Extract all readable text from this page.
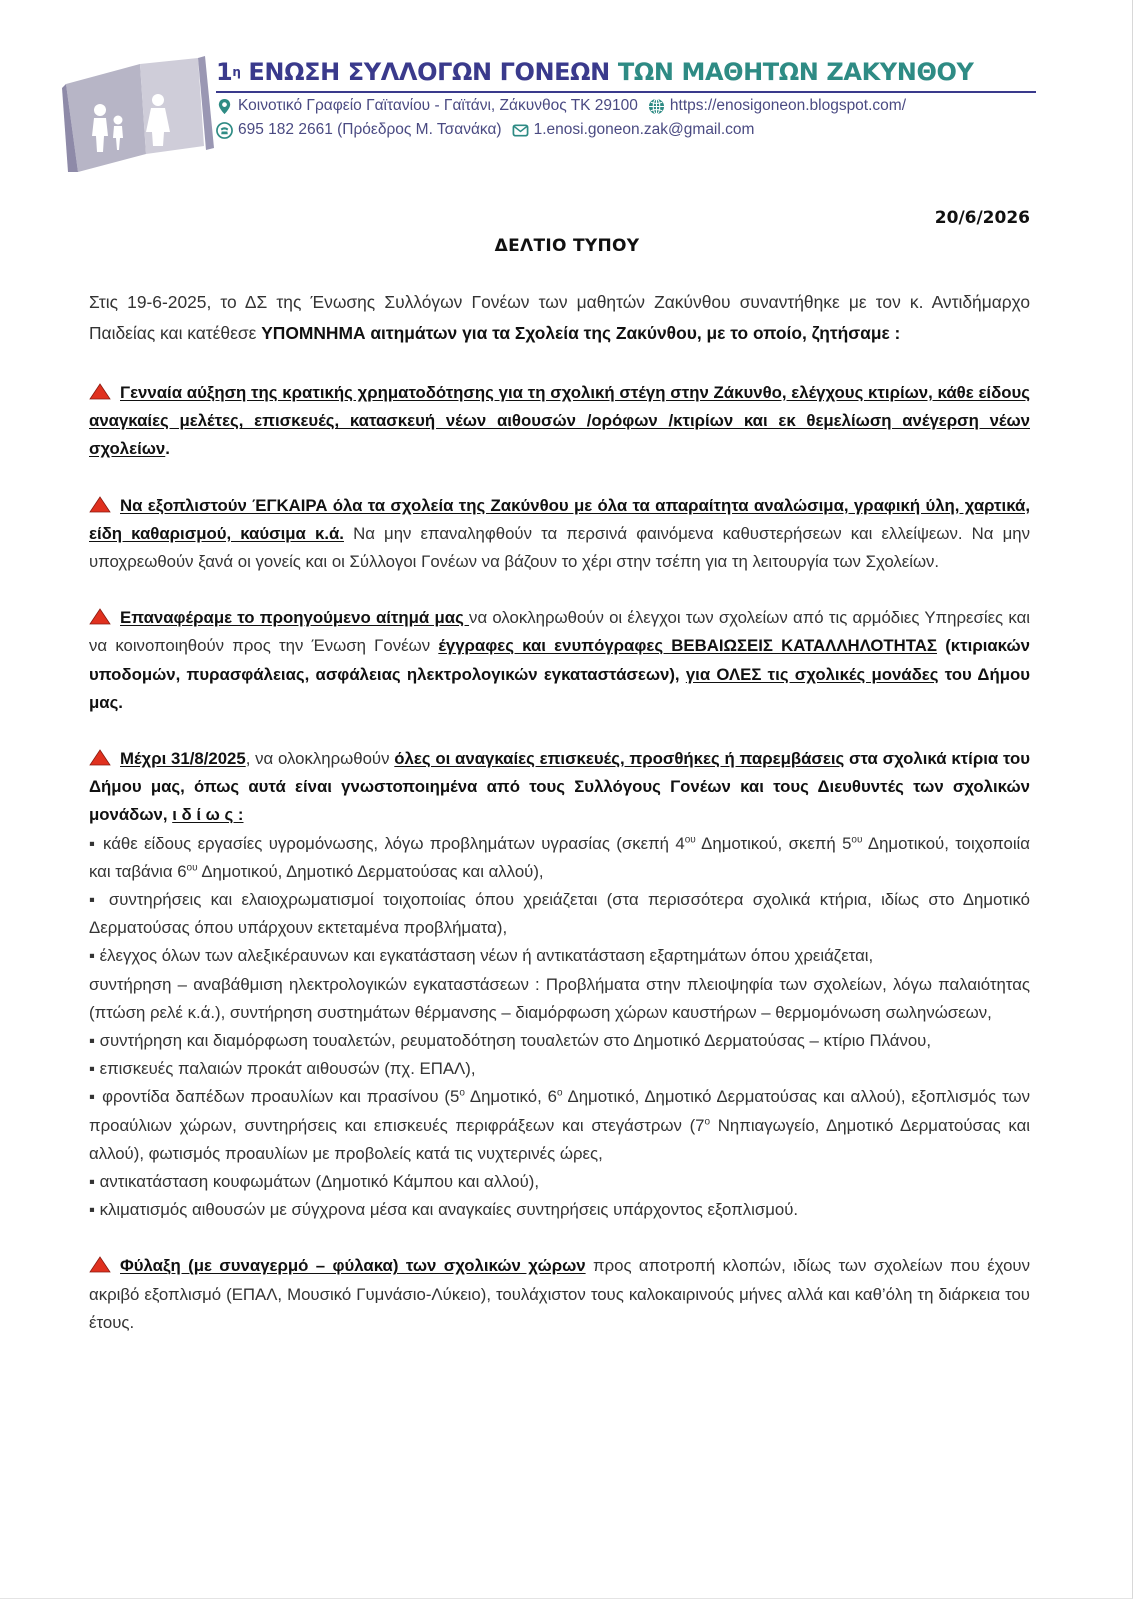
$1^\eta$ ΕΝΩΣΗ ΣΥΛΛΟΓΩΝ ΓΟΝΕΩΝ ΤΩΝ ΜΑΘΗΤΩΝ ΖΑΚΥΝΘΟΥ
Κοινοτικό Γραφείο Γαϊτανίου - Γαϊτάνι, Ζάκυνθος ΤΚ 29100 https://enosigoneon.blogspot.com/
695 182 2661 (Πρόεδρος Μ. Τσανάκα) 1.enosi.goneon.zak@gmail.com
20/6/2026
ΔΕΛΤΙΟ ΤΥΠΟΥ

Στις 19-6-2025, το ΔΣ της Ένωσης Συλλόγων Γονέων των μαθητών Ζακύνθου συναντήθηκε με τον κ. Αντιδήμαρχο Παιδείας και κατέθεσε ΥΠΟΜΝΗΜΑ αιτημάτων για τα Σχολεία της Ζακύνθου, με το οποίο, ζητήσαμε :

Γενναία αύξηση της κρατικής χρηματοδότησης για τη σχολική στέγη στην Ζάκυνθο, ελέγχους κτιρίων, κάθε είδους αναγκαίες μελέτες, επισκευές, κατασκευή νέων αιθουσών /ορόφων /κτιρίων και εκ θεμελίωση ανέγερση νέων σχολείων.

Να εξοπλιστούν ΈΓΚΑΙΡΑ όλα τα σχολεία της Ζακύνθου με όλα τα απαραίτητα αναλώσιμα, γραφική ύλη, χαρτικά, είδη καθαρισμού, καύσιμα κ.ά. Να μην επαναληφθούν τα περσινά φαινόμενα καθυστερήσεων και ελλείψεων. Να μην υποχρεωθούν ξανά οι γονείς και οι Σύλλογοι Γονέων να βάζουν το χέρι στην τσέπη για τη λειτουργία των Σχολείων.

Επαναφέραμε το προηγούμενο αίτημά μας να ολοκληρωθούν οι έλεγχοι των σχολείων από τις αρμόδιες Υπηρεσίες και να κοινοποιηθούν προς την Ένωση Γονέων έγγραφες και ενυπόγραφες ΒΕΒΑΙΩΣΕΙΣ ΚΑΤΑΛΛΗΛΟΤΗΤΑΣ (κτιριακών υποδομών, πυρασφάλειας, ασφάλειας ηλεκτρολογικών εγκαταστάσεων), για ΟΛΕΣ τις σχολικές μονάδες του Δήμου μας.

Μέχρι 31/8/2025, να ολοκληρωθούν όλες οι αναγκαίες επισκευές, προσθήκες ή παρεμβάσεις στα σχολικά κτίρια του Δήμου μας, όπως αυτά είναι γνωστοποιημένα από τους Συλλόγους Γονέων και τους Διευθυντές των σχολικών μονάδων, ι δ ί ω ς :

▪ κάθε είδους εργασίες υγρομόνωσης, λόγω προβλημάτων υγρασίας (σκεπή $4^{o\upsilon}$ Δημοτικού, σκεπή $5^{o\upsilon}$ Δημοτικού, τοιχοποιία και ταβάνια $6^{o\upsilon}$ Δημοτικού, Δημοτικό Δερματούσας και αλλού),

▪ συντηρήσεις και ελαιοχρωματισμοί τοιχοποιίας όπου χρειάζεται (στα περισσότερα σχολικά κτήρια, ιδίως στο Δημοτικό Δερματούσας όπου υπάρχουν εκτεταμένα προβλήματα),

▪ έλεγχος όλων των αλεξικέραυνων και εγκατάσταση νέων ή αντικατάσταση εξαρτημάτων όπου χρειάζεται,

συντήρηση – αναβάθμιση ηλεκτρολογικών εγκαταστάσεων : Προβλήματα στην πλειοψηφία των σχολείων, λόγω παλαιότητας (πτώση ρελέ κ.ά.), συντήρηση συστημάτων θέρμανσης – διαμόρφωση χώρων καυστήρων – θερμομόνωση σωληνώσεων,

▪ συντήρηση και διαμόρφωση τουαλετών, ρευματοδότηση τουαλετών στο Δημοτικό Δερματούσας – κτίριο Πλάνου,

▪ επισκευές παλαιών προκάτ αιθουσών (πχ. ΕΠΑΛ),

▪ φροντίδα δαπέδων προαυλίων και πρασίνου ($5^o$ Δημοτικό, $6^o$ Δημοτικό, Δημοτικό Δερματούσας και αλλού), εξοπλισμός των προαύλιων χώρων, συντηρήσεις και επισκευές περιφράξεων και στεγάστρων ($7^o$ Νηπιαγωγείο, Δημοτικό Δερματούσας και αλλού), φωτισμός προαυλίων με προβολείς κατά τις νυχτερινές ώρες,

▪ αντικατάσταση κουφωμάτων (Δημοτικό Κάμπου και αλλού),

▪ κλιματισμός αιθουσών με σύγχρονα μέσα και αναγκαίες συντηρήσεις υπάρχοντος εξοπλισμού.

Φύλαξη (με συναγερμό – φύλακα) των σχολικών χώρων προς αποτροπή κλοπών, ιδίως των σχολείων που έχουν ακριβό εξοπλισμό (ΕΠΑΛ, Μουσικό Γυμνάσιο-Λύκειο), τουλάχιστον τους καλοκαιρινούς μήνες αλλά και καθ’όλη τη διάρκεια του έτους.
